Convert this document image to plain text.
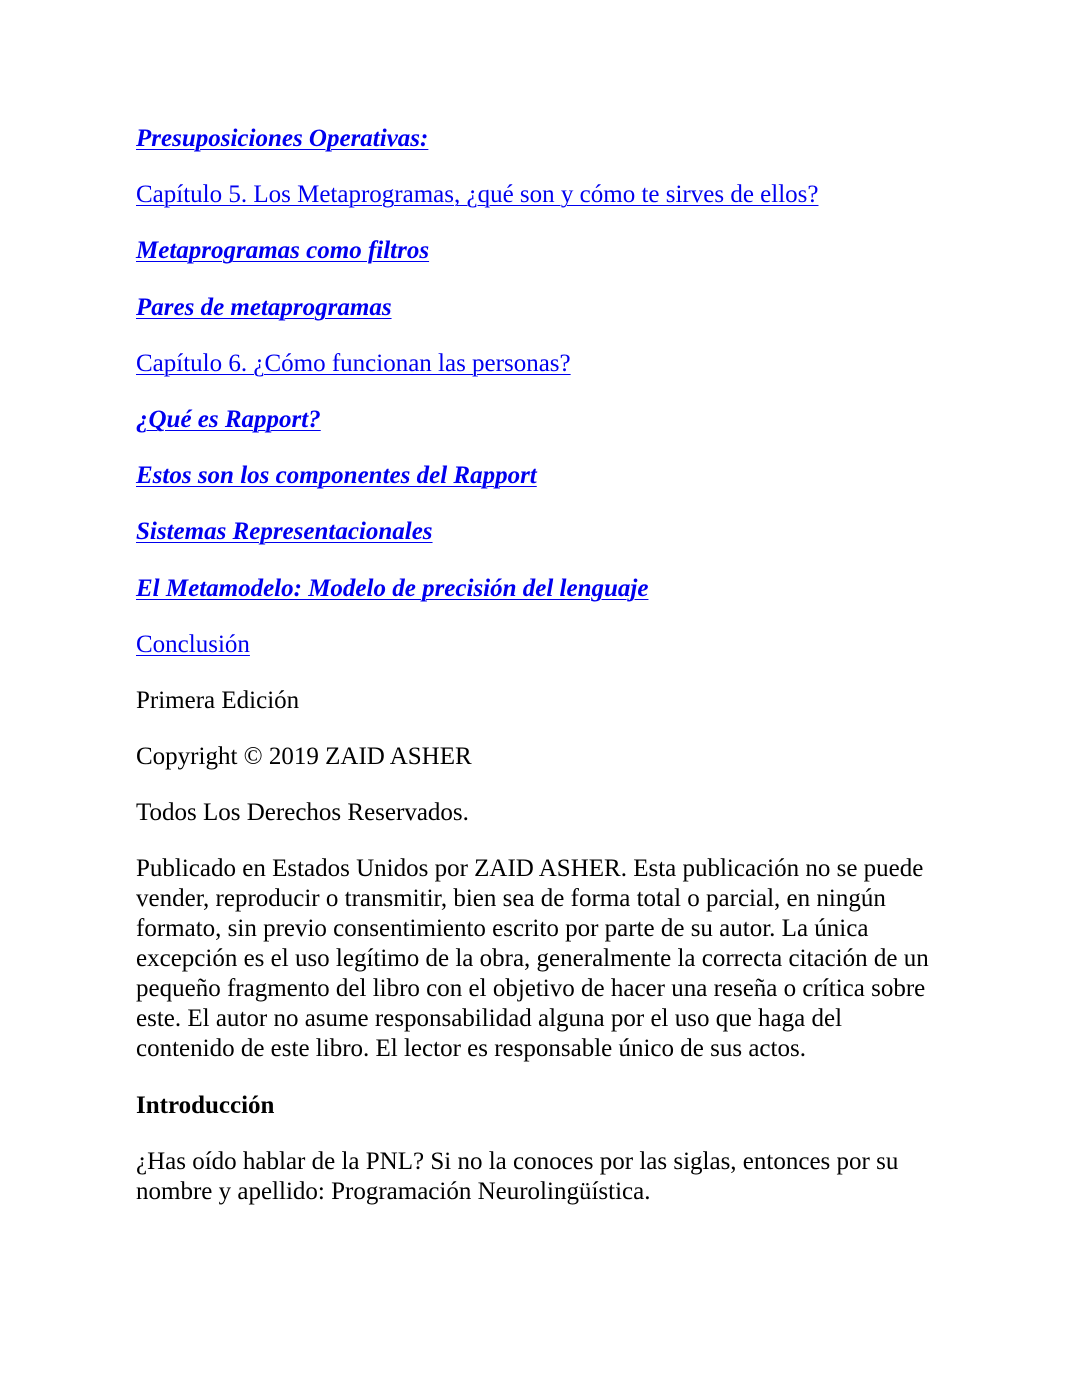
Presuposiciones Operativas:
Capítulo 5. Los Metaprogramas, ¿qué son y cómo te sirves de ellos?
Metaprogramas como filtros
Pares de metaprogramas
Capítulo 6. ¿Cómo funcionan las personas?
¿Qué es Rapport?
Estos son los componentes del Rapport
Sistemas Representacionales
El Metamodelo: Modelo de precisión del lenguaje
Conclusión

Primera Edición

Copyright © 2019 ZAID ASHER

Todos Los Derechos Reservados.

Publicado en Estados Unidos por ZAID ASHER. Esta publicación no se puede vender, reproducir o transmitir, bien sea de forma total o parcial, en ningún formato, sin previo consentimiento escrito por parte de su autor. La única excepción es el uso legítimo de la obra, generalmente la correcta citación de un pequeño fragmento del libro con el objetivo de hacer una reseña o crítica sobre este. El autor no asume responsabilidad alguna por el uso que haga del contenido de este libro. El lector es responsable único de sus actos.

Introducción

¿Has oído hablar de la PNL? Si no la conoces por las siglas, entonces por su nombre y apellido: Programación Neurolingüística.
